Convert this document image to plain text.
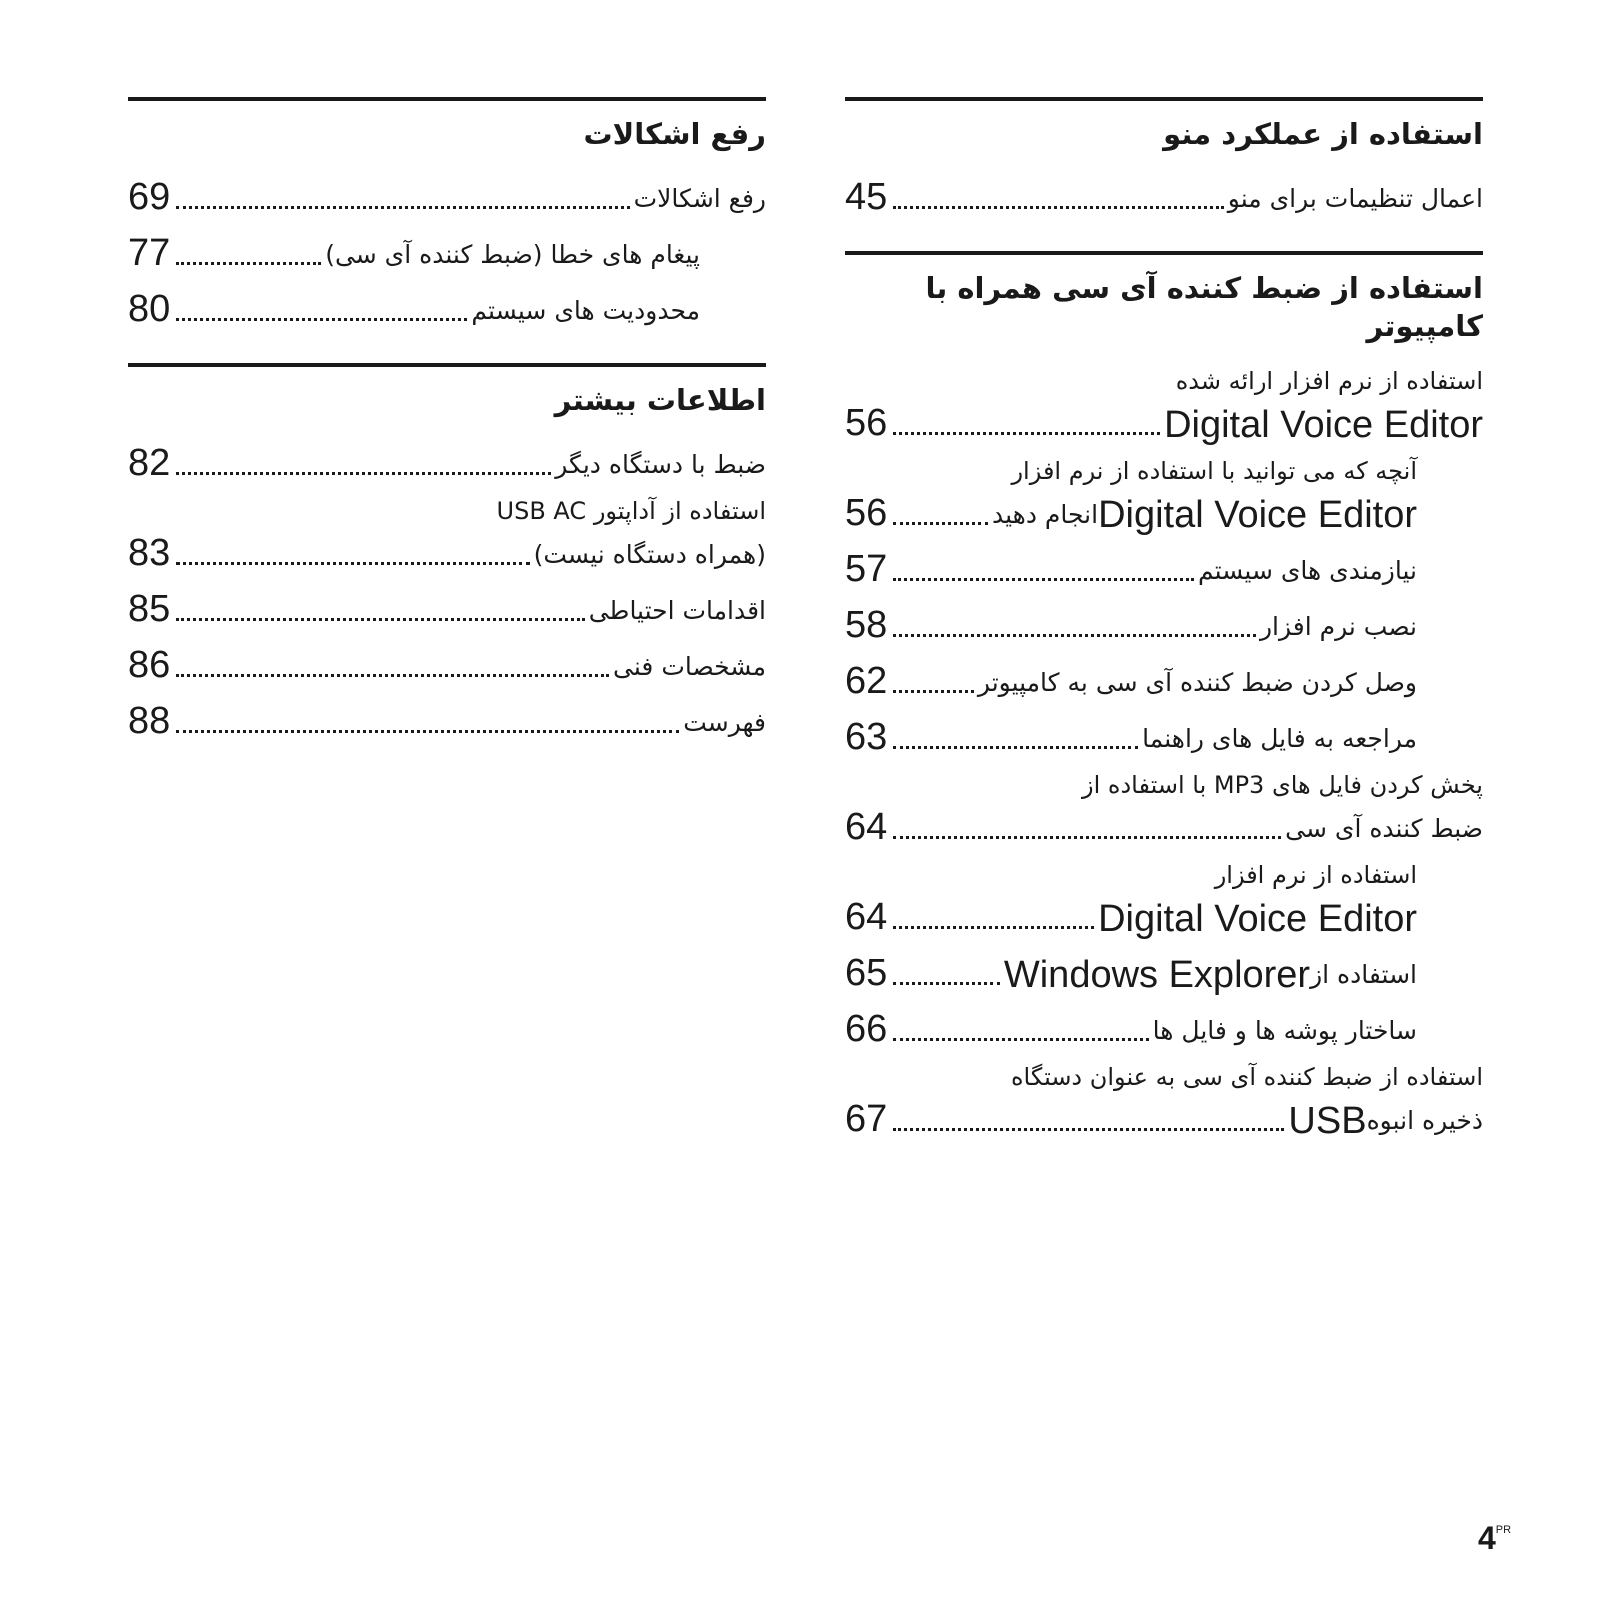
استفاده از عملکرد منو
45	اعمال تنظیمات برای منو
استفاده از ضبط کننده آی سی همراه با کامپیوتر
استفاده از نرم افزار ارائه شده
56	Digital Voice Editor
آنچه که می توانید با استفاده از نرم افزار
56	انجام دهید Digital Voice Editor
57	نیازمندی های سیستم
58	نصب نرم افزار
62	وصل کردن ضبط کننده آی سی به کامپیوتر
63	مراجعه به فایل های راهنما
پخش کردن فایل های MP3 با استفاده از
64	ضبط کننده آی سی
استفاده از نرم افزار
64	Digital Voice Editor
65	Windows Explorer استفاده از
66	ساختار پوشه ها و فایل ها
استفاده از ضبط کننده آی سی به عنوان دستگاه
67	USB ذخیره انبوه
رفع اشکالات
69	رفع اشکالات
77	پیغام های خطا (ضبط کننده آی سی)
80	محدودیت های سیستم
اطلاعات بیشتر
82	ضبط با دستگاه دیگر
استفاده از آداپتور USB AC
83	(همراه دستگاه نیست)
85	اقدامات احتیاطی
86	مشخصات فنی
88	فهرست
$4^{PR}$
